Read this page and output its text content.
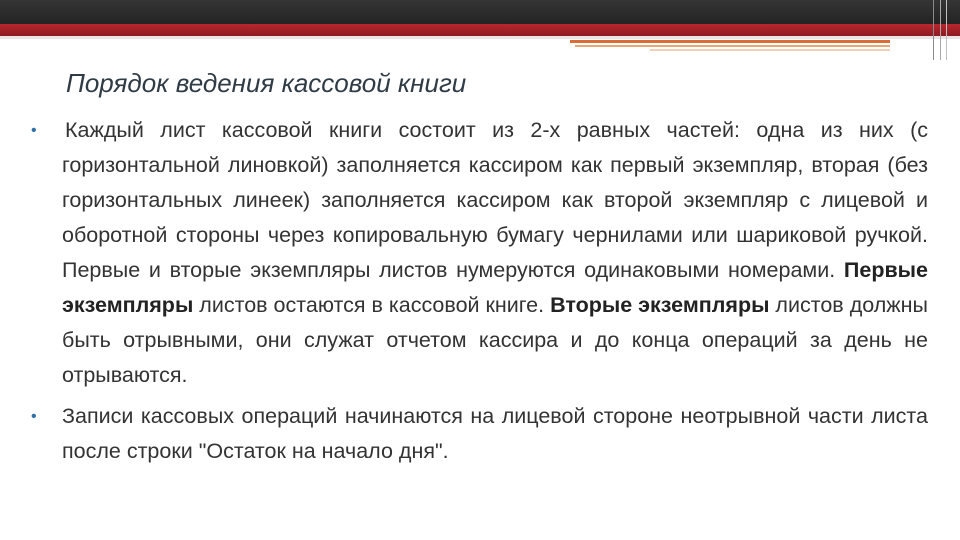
Порядок ведения кассовой книги
• Каждый лист кассовой книги состоит из 2-х равных частей: одна из них (с горизонтальной линовкой) заполняется кассиром как первый экземпляр, вторая (без горизонтальных линеек) заполняется кассиром как второй экземпляр с лицевой и оборотной стороны через копировальную бумагу чернилами или шариковой ручкой. Первые и вторые экземпляры листов нумеруются одинаковыми номерами. Первые экземпляры листов остаются в кассовой книге. Вторые экземпляры листов должны быть отрывными, они служат отчетом кассира и до конца операций за день не отрываются.
• Записи кассовых операций начинаются на лицевой стороне неотрывной части листа после строки "Остаток на начало дня".
